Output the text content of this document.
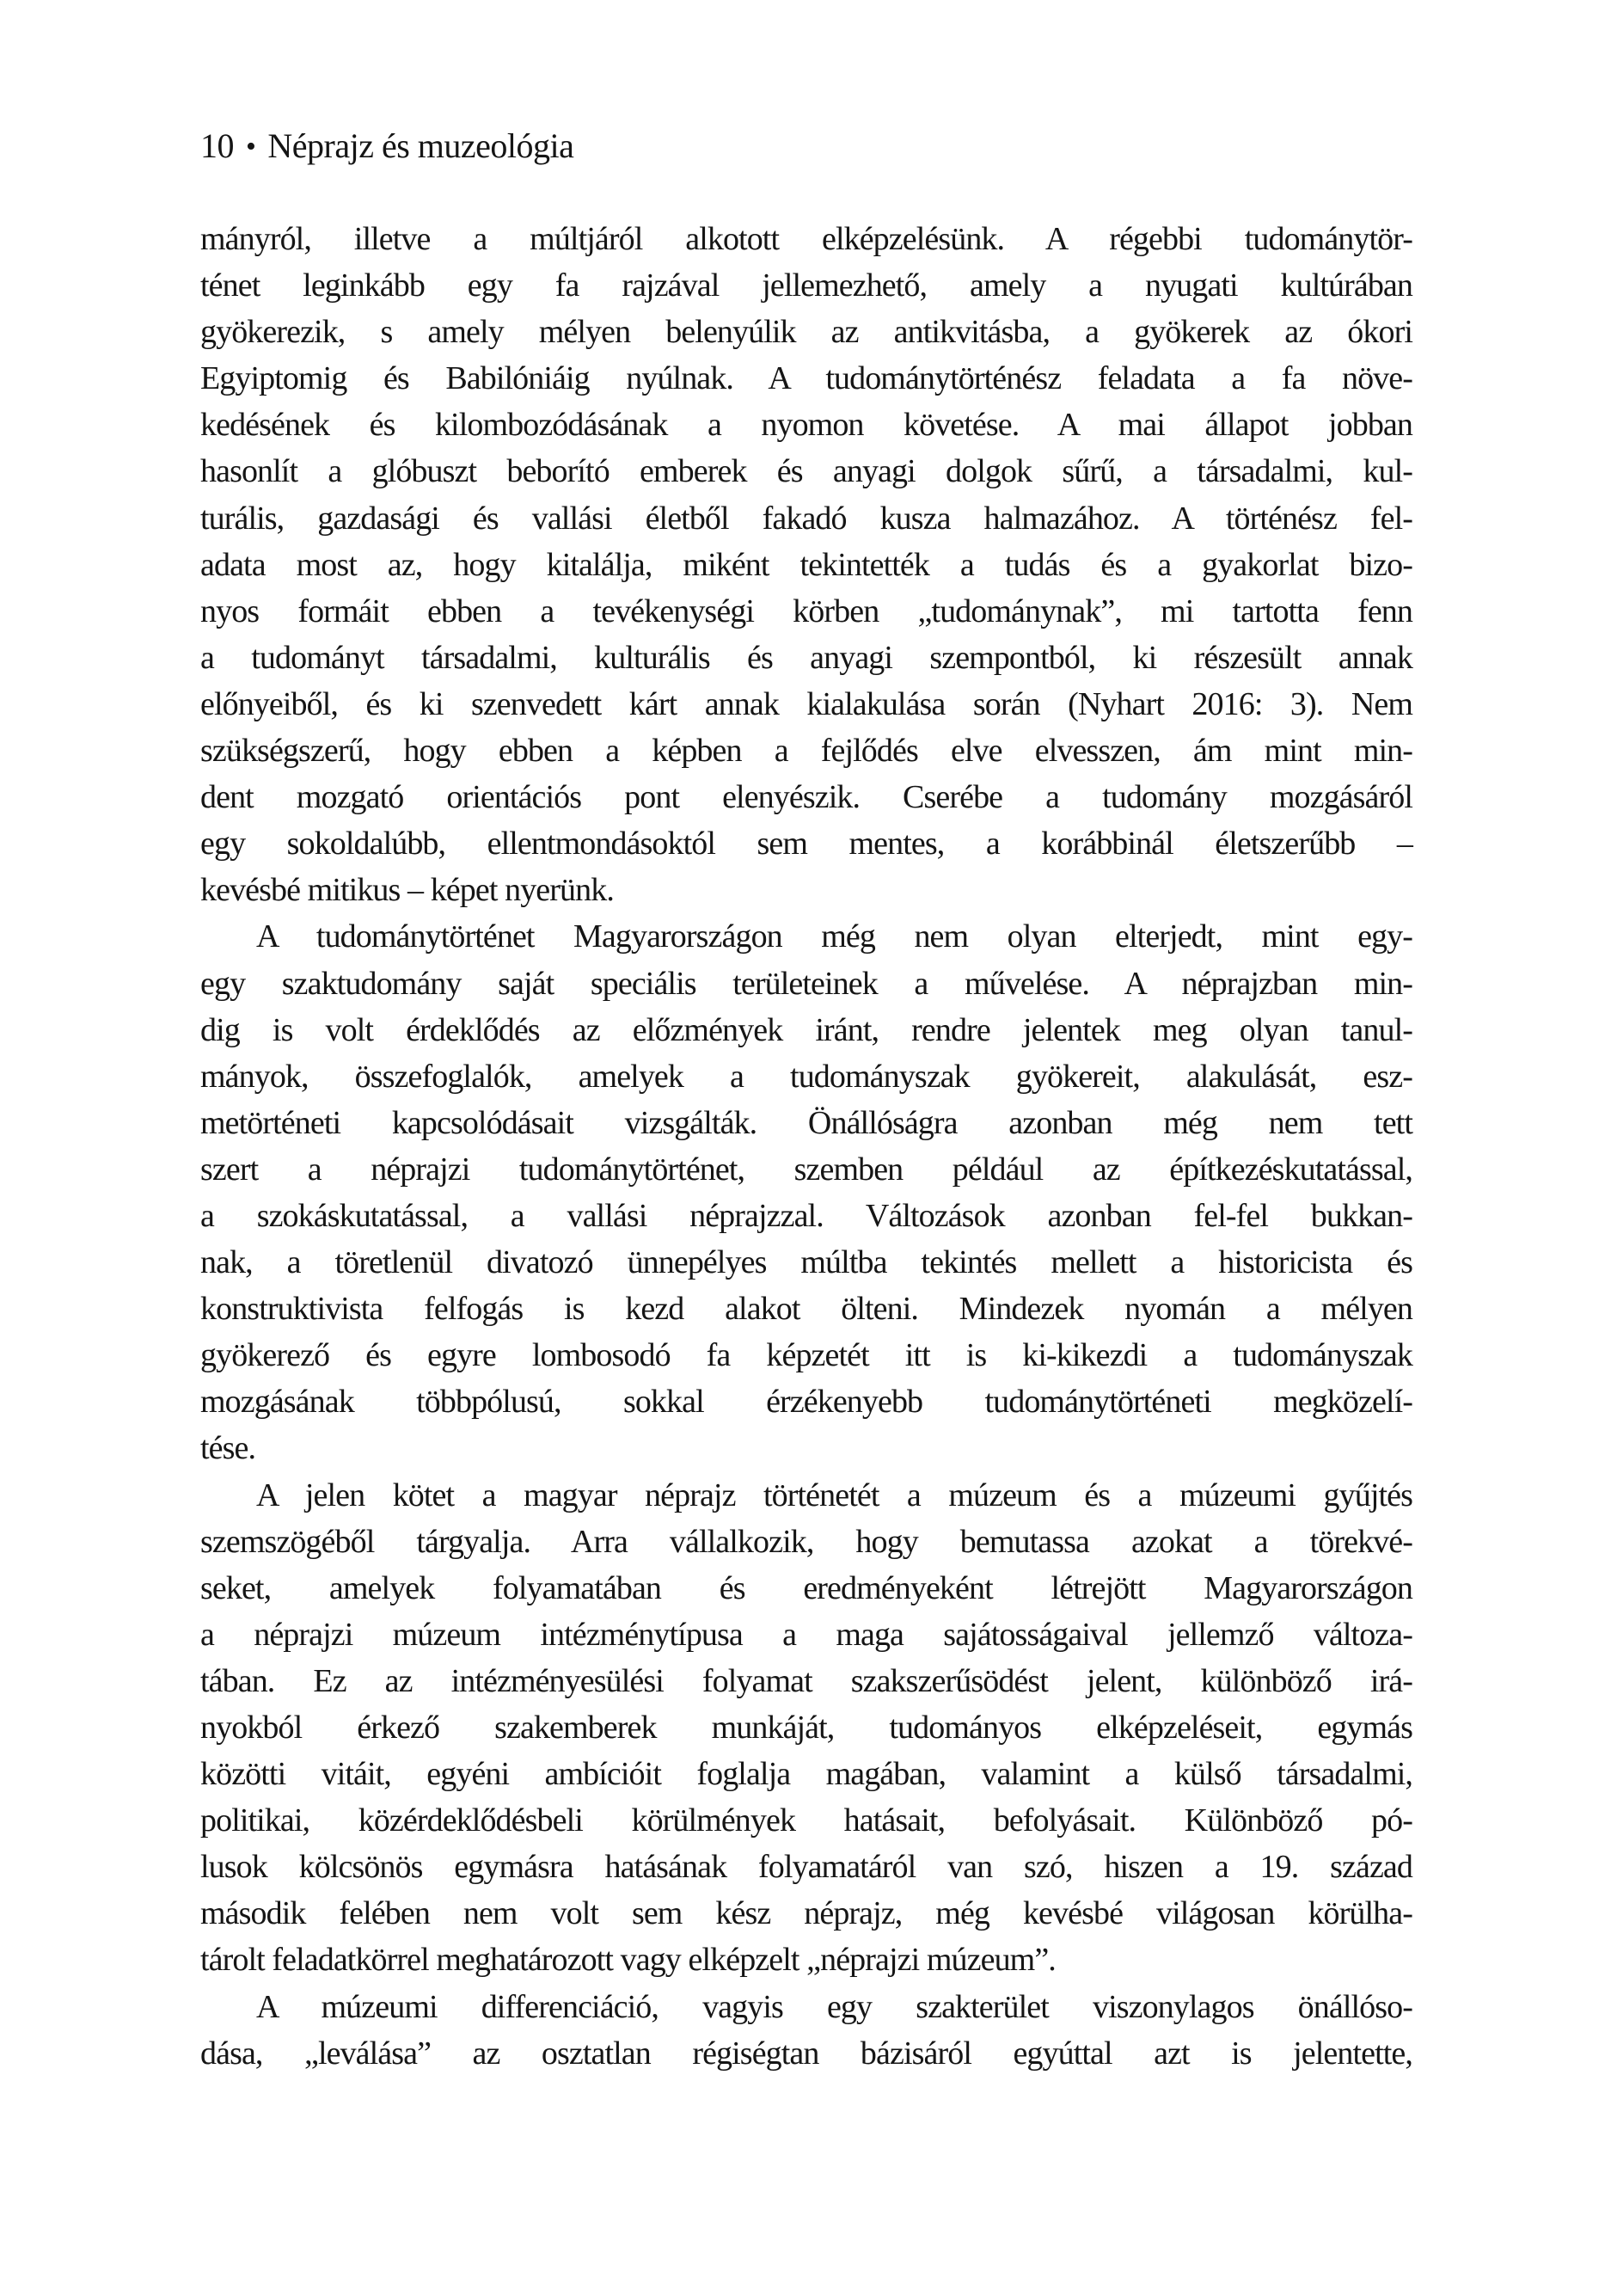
10 • Néprajz és muzeológia
mányról, illetve a múltjáról alkotott elképzelésünk. A régebbi tudománytör-
ténet leginkább egy fa rajzával jellemezhető, amely a nyugati kultúrában
gyökerezik, s amely mélyen belenyúlik az antikvitásba, a gyökerek az ókori
Egyiptomig és Babilóniáig nyúlnak. A tudománytörténész feladata a fa növe-
kedésének és kilombozódásának a nyomon követése. A mai állapot jobban
hasonlít a glóbuszt beborító emberek és anyagi dolgok sűrű, a társadalmi, kul-
turális, gazdasági és vallási életből fakadó kusza halmazához. A történész fel-
adata most az, hogy kitalálja, miként tekintették a tudás és a gyakorlat bizo-
nyos formáit ebben a tevékenységi körben „tudománynak”, mi tartotta fenn
a tudományt társadalmi, kulturális és anyagi szempontból, ki részesült annak
előnyeiből, és ki szenvedett kárt annak kialakulása során (Nyhart 2016: 3). Nem
szükségszerű, hogy ebben a képben a fejlődés elve elvesszen, ám mint min-
dent mozgató orientációs pont elenyészik. Cserébe a tudomány mozgásáról
egy sokoldalúbb, ellentmondásoktól sem mentes, a korábbinál életszerűbb –
kevésbé mitikus – képet nyerünk.
A tudománytörténet Magyarországon még nem olyan elterjedt, mint egy-
egy szaktudomány saját speciális területeinek a művelése. A néprajzban min-
dig is volt érdeklődés az előzmények iránt, rendre jelentek meg olyan tanul-
mányok, összefoglalók, amelyek a tudományszak gyökereit, alakulását, esz-
metörténeti kapcsolódásait vizsgálták. Önállóságra azonban még nem tett
szert a néprajzi tudománytörténet, szemben például az építkezéskutatással,
a szokáskutatással, a vallási néprajzzal. Változások azonban fel-fel bukkan-
nak, a töretlenül divatozó ünnepélyes múltba tekintés mellett a historicista és
konstruktivista felfogás is kezd alakot ölteni. Mindezek nyomán a mélyen
gyökerező és egyre lombosodó fa képzetét itt is ki-kikezdi a tudományszak
mozgásának többpólusú, sokkal érzékenyebb tudománytörténeti megközelí-
tése.
A jelen kötet a magyar néprajz történetét a múzeum és a múzeumi gyűjtés
szemszögéből tárgyalja. Arra vállalkozik, hogy bemutassa azokat a törekvé-
seket, amelyek folyamatában és eredményeként létrejött Magyarországon
a néprajzi múzeum intézménytípusa a maga sajátosságaival jellemző változa-
tában. Ez az intézményesülési folyamat szakszerűsödést jelent, különböző irá-
nyokból érkező szakemberek munkáját, tudományos elképzeléseit, egymás
közötti vitáit, egyéni ambícióit foglalja magában, valamint a külső társadalmi,
politikai, közérdeklődésbeli körülmények hatásait, befolyásait. Különböző pó-
lusok kölcsönös egymásra hatásának folyamatáról van szó, hiszen a 19. század
második felében nem volt sem kész néprajz, még kevésbé világosan körülha-
tárolt feladatkörrel meghatározott vagy elképzelt „néprajzi múzeum”.
A múzeumi differenciáció, vagyis egy szakterület viszonylagos önállóso-
dása, „leválása” az osztatlan régiségtan bázisáról egyúttal azt is jelentette,
